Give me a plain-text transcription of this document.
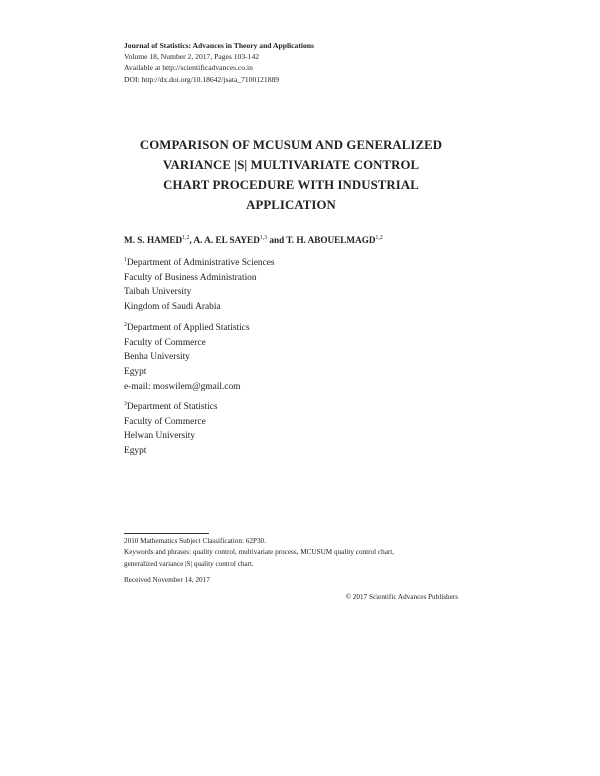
Journal of Statistics: Advances in Theory and Applications
Volume 18, Number 2, 2017, Pages 103-142
Available at http://scientificadvances.co.in
DOI: http://dx.doi.org/10.18642/jsata_7100121889
COMPARISON OF MCUSUM AND GENERALIZED
VARIANCE |S| MULTIVARIATE CONTROL
CHART PROCEDURE WITH INDUSTRIAL
APPLICATION
M. S. HAMED$^{1,2}$, A. A. EL SAYED$^{1,3}$ and T. H. ABOUELMAGD$^{1,2}$
$^1$Department of Administrative Sciences
Faculty of Business Administration
Taibah University
Kingdom of Saudi Arabia
$^2$Department of Applied Statistics
Faculty of Commerce
Benha University
Egypt
e-mail: moswilem@gmail.com
$^3$Department of Statistics
Faculty of Commerce
Helwan University
Egypt
2010 Mathematics Subject Classification: 62P30.
Keywords and phrases: quality control, multivariate process, MCUSUM quality control chart,
generalized variance |S| quality control chart.
Received November 14, 2017
© 2017 Scientific Advances Publishers
